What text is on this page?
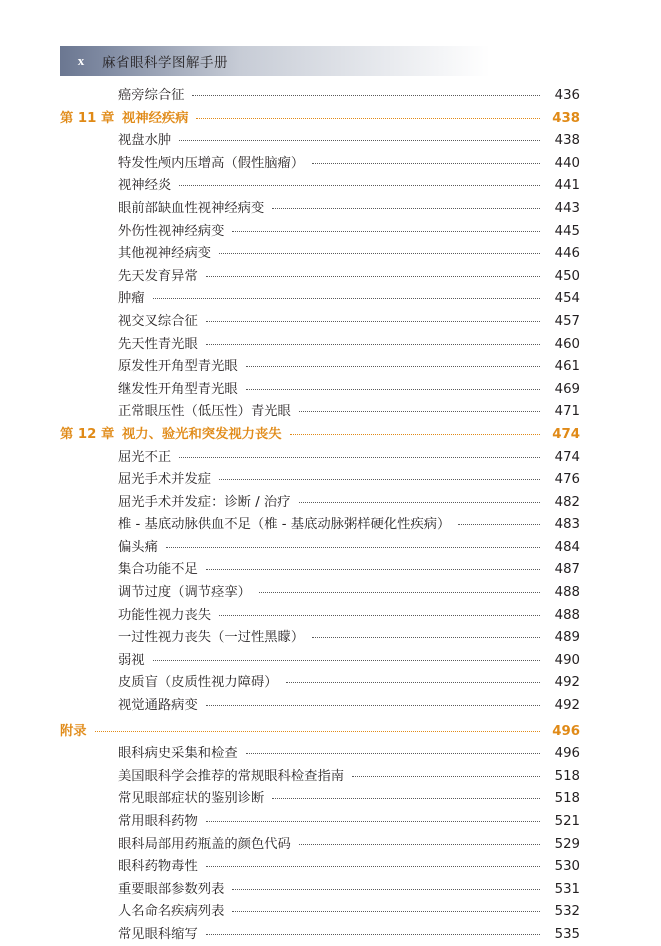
x	麻省眼科学图解手册
癌旁综合征	436
第 11 章 视神经疾病	438
视盘水肿	438
特发性颅内压增高（假性脑瘤）	440
视神经炎	441
眼前部缺血性视神经病变	443
外伤性视神经病变	445
其他视神经病变	446
先天发育异常	450
肿瘤	454
视交叉综合征	457
先天性青光眼	460
原发性开角型青光眼	461
继发性开角型青光眼	469
正常眼压性（低压性）青光眼	471
第 12 章 视力、验光和突发视力丧失	474
屈光不正	474
屈光手术并发症	476
屈光手术并发症：诊断 / 治疗	482
椎 - 基底动脉供血不足（椎 - 基底动脉粥样硬化性疾病）	483
偏头痛	484
集合功能不足	487
调节过度（调节痉挛）	488
功能性视力丧失	488
一过性视力丧失（一过性黑矇）	489
弱视	490
皮质盲（皮质性视力障碍）	492
视觉通路病变	492
附录	496
眼科病史采集和检查	496
美国眼科学会推荐的常规眼科检查指南	518
常见眼部症状的鉴别诊断	518
常用眼科药物	521
眼科局部用药瓶盖的颜色代码	529
眼科药物毒性	530
重要眼部参数列表	531
人名命名疾病列表	532
常见眼科缩写	535
